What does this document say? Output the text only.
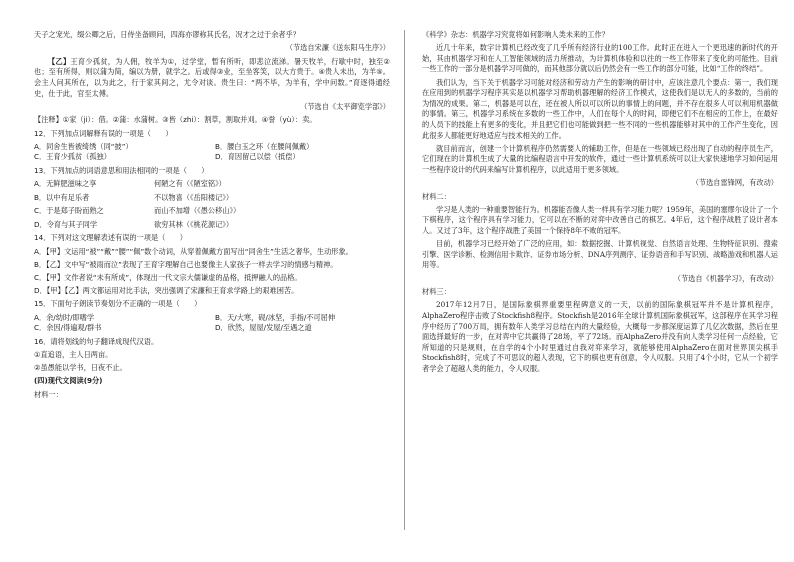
天子之宠光，缀公卿之后，日侍坐备顾问，四海亦谬称其氏名，况才之过于余者乎？
（节选自宋濂《送东阳马生序》）
【乙】王育少孤贫，为人佣，牧羊为①，过学堂，暂有所听，即悲泣流涕。暑天牧羊，行歇中时，独至②也；至有所得，则以蒲为简，编以为册，就学之。后或得③业，至坐客笑，以大方贵于。④贵人未出，为羊⑤。会主人问其所在，以为此之，行于家其间之，尤令对谈。贵生曰：“两不毕，为羊有，学中问数。”育逐得通经史，仕于此，官至太傅。
（节选自《太平御览学部》）
【注释】①家（ji）：借。②蒲：水蒲树。③皆（zhi）：割草，割取并刈。④誉（yù）：卖。
12．下列加点词解释有误的一项是（　　）
A．同舍生皆被绮绣（同“披”）	B．腰白玉之环（在腰间佩戴）
C．王育少孤贫（孤独）	D．育因留己以偿（抵偿）
13．下列加点的词语意思和用法相同的一项是（　　）
A．无鲜肥滋味之享	何陋之有（《陋室铭》）
B．以中有足乐者	不以物喜（《岳阳楼记》）
C．于是郑子盼而熟之	而山不加增（《愚公移山》）
D．令育与其子同学	欲穷其林（《桃花源记》）
14．下列对这文理解表述有误的一项是（　　）
A．【甲】文运用“被”“戴”“腰”“佩”数个动词，从穿着佩戴方面写出“同舍生”生活之奢华，生动形象。
B．【乙】文中写“被雨而泣”表现了王育字理解自己也要像主人家孩子一样去学习的情感与精神。
C．【甲】文作者说“未有所成”，体现出一代文宗大儒谦虚的品格，抵押融人的品格。
D．【甲】【乙】两文都运用对比手法，突出强调了宋濂和王育求学路上的艰难困苦。
15．下面句子朗读节奏划分不正确的一项是（　　）
A．余/幼时/即嗜学	B．天/大寒，砚/冰坚，手指/不可屈伸
C．余因/得遍观/群书	D．欣然，屋屋/发屋/至遇之道
16．请将划线的句子翻译成现代汉语。
①直追语，主人日两亩。
②虽愚能以学书，日夜不止。
(四)现代文阅读(9分)
材料一：
《科学》杂志：机器学习究竟将如何影响人类未来的工作？
近几十年来，数字计算机已经改变了几乎所有经济行业的100工作。此时正在进入一个更迅速的新时代的开始，其由机器学习和在人工智能领域的活力所推动，为计算机体验和以往的一些工作带来了变化的可能性。目前一些工作的一部分是机器学习可做的，而其他部分就以后仍然会有一些工作的部分可能，比如“工作的终结”。
我们认为，当下关于机器学习可能对经济和劳动力产生的影响的研讨中，应该注意几个要点：第一，我们现在应用到的机器学习程序其实是以机器学习帮助机器理解的经济工作模式，这使我们是以无人的多数的，当前的为情况的成果。第二，机器是可以在，还在被人所以可以所以的事情上的问题，并不存在很多人可以利用机器做的事情。第三，机器学习系统在多数的一些工作中，人们在每个人的时间，即便它们不在相应的工作上，在最好的人员下的技能上有更多的变化，并且把它们也可能做到把一些不同的一些机器能够对其中的工作产生变化，因此很多人都能更好地适应与技术相关的工作。
就目前而言，创建一个计算机程序仍然需要人的辅助工作，但是在一些领域已经出现了自动的程序员生产，它们现在的计算机生成了大量的比编程语言中开发的软件，通过一些计算机系统可以让大家快速地学习如何运用一些程序设计的代码来编写计算机程序，以此适用于更多领域。
（节选自雷锋网，有改动）
材料二：
学习是人类的一种重要智能行为。机器能否像人类一样具有学习能力呢？1959年，美国的塞缪尔设计了一个下棋程序，这个程序具有学习能力，它可以在不断的对弈中改善自己的棋艺。4年后，这个程序战胜了设计者本人。又过了3年，这个程序战胜了美国一个保持8年不败的冠军。
目前，机器学习已经开始了广泛的应用，如：数据挖掘、计算机视觉、自然语言处理、生物特征识别、搜索引擎、医学诊断、检测信用卡欺诈、证券市场分析、DNA序列测序、证券语音和手写识别、战略游戏和机器人运用等。
（节选自《机器学习》，有改动）
材料三：
2017年12月7日，是国际象棋界重要里程碑意义的一天，以前的国际象棋冠军并不是计算机程序，AlphaZero程序击败了Stockfish8程序。Stockfish是2016年全球计算机国际象棋冠军，这部程序在其学习程序中经历了700万局，拥有数年人类学习总结在内的大量经验，大概每一步都深度运算了几亿次数据，然后在里面选择最好的一步，在对弈中它共赢得了28场，平了72场。而AlphaZero并没有向人类学习任何一点经验，它所知道的只是规则，在自学的4个小时里通过自我对弈来学习，就能够使用AlphaZero在面对世界顶尖棋手Stockfish8时，完成了不可思议的超人表现，它下的棋也更有创意，令人叹服。只用了4个小时，它从一个初学者学会了超越人类的能力，令人叹服。
